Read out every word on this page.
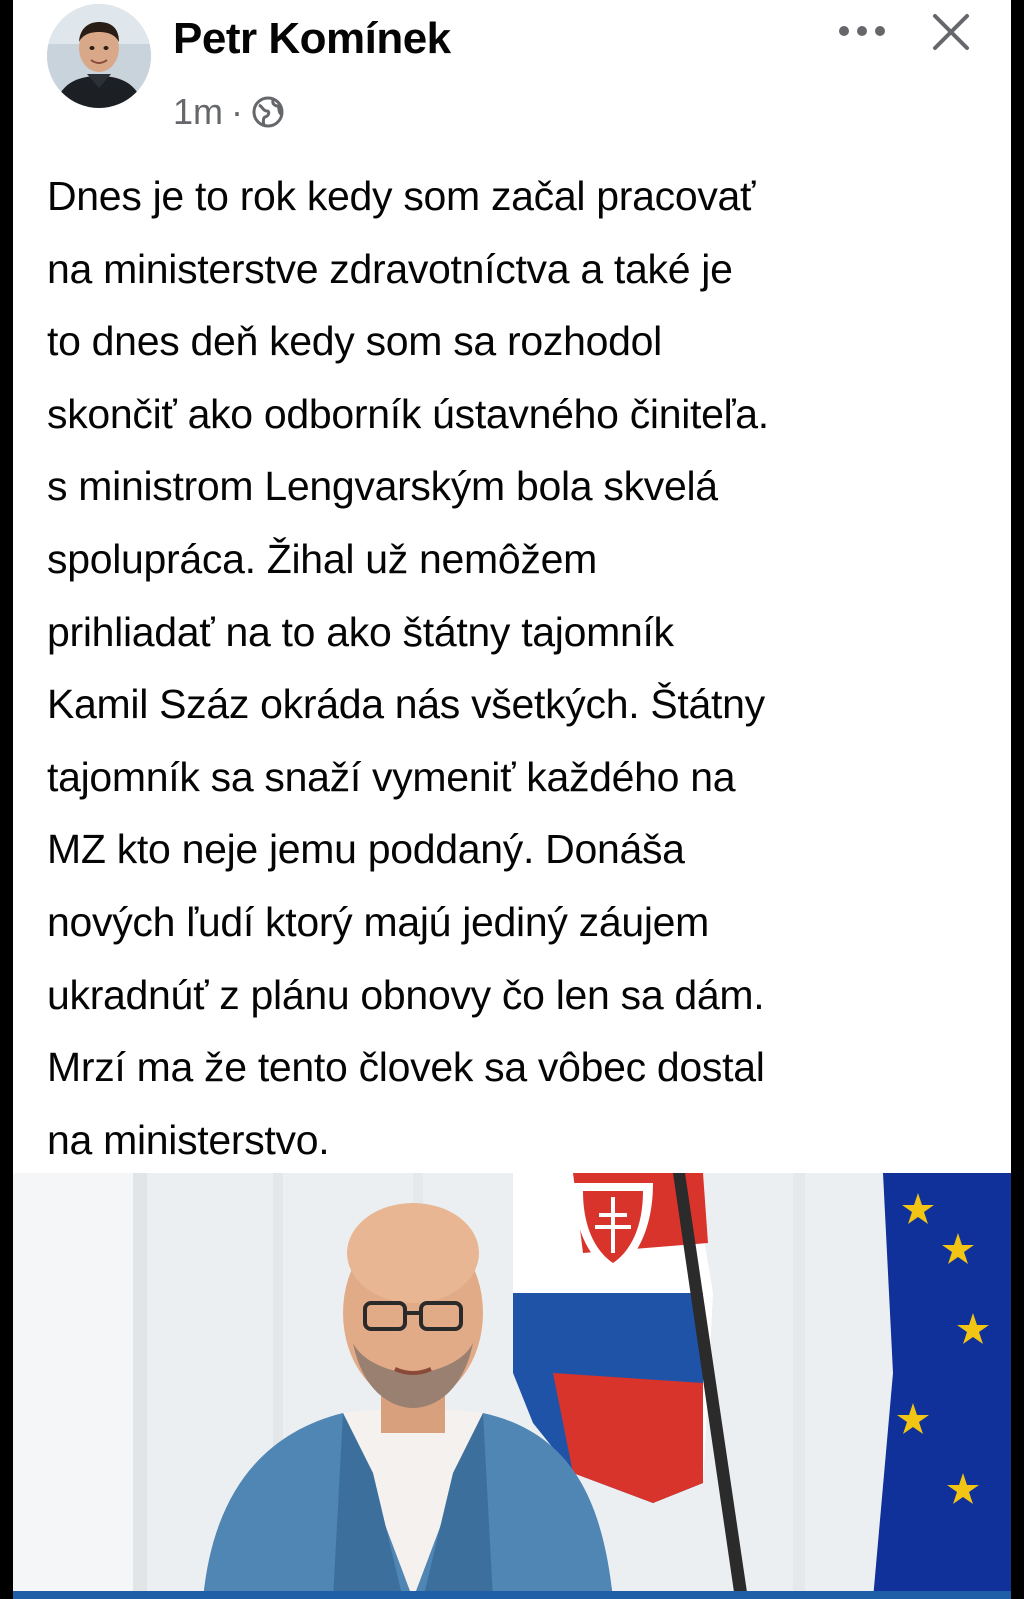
Petr Komínek
1m ·

Dnes je to rok kedy som začal pracovať
na ministerstve zdravotníctva a také je
to dnes deň kedy som sa rozhodol
skončiť ako odborník ústavného činiteľa.
s ministrom Lengvarským bola skvelá
spolupráca. Žihal už nemôžem
prihliadať na to ako štátny tajomník
Kamil Száz okráda nás všetkých. Štátny
tajomník sa snaží vymeniť každého na
MZ kto neje jemu poddaný. Donáša
nových ľudí ktorý majú jediný záujem
ukradnúť z plánu obnovy čo len sa dám.
Mrzí ma že tento človek sa vôbec dostal
na ministerstvo.
